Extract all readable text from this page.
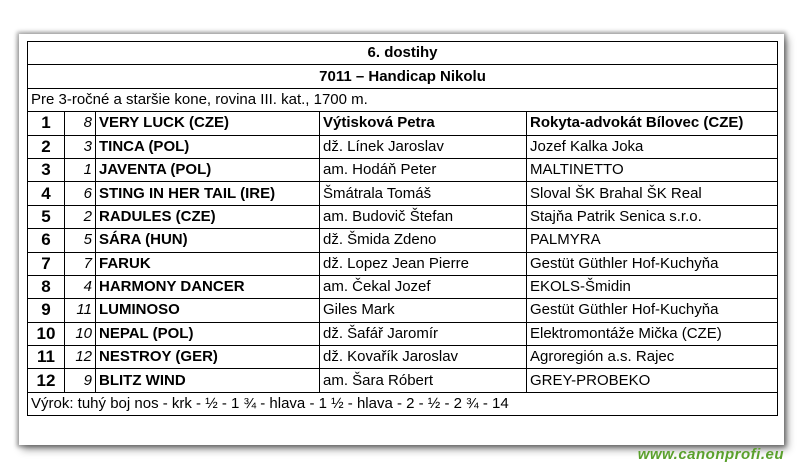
6. dostihy				
7011 – Handicap Nikolu				
Pre 3-ročné a staršie kone, rovina III. kat., 1700 m.				
1	8	VERY LUCK (CZE)	Výtisková Petra	Rokyta-advokát Bílovec (CZE)
2	3	TINCA (POL)	dž. Línek Jaroslav	Jozef Kalka Joka
3	1	JAVENTA (POL)	am. Hodáň Peter	MALTINETTO
4	6	STING IN HER TAIL (IRE)	Šmátrala Tomáš	Sloval ŠK Brahal ŠK Real
5	2	RADULES (CZE)	am. Budovič Štefan	Stajňa Patrik Senica s.r.o.
6	5	SÁRA (HUN)	dž. Šmida Zdeno	PALMYRA
7	7	FARUK	dž. Lopez Jean Pierre	Gestüt Güthler Hof-Kuchyňa
8	4	HARMONY DANCER	am. Čekal Jozef	EKOLS-Šmidin
9	11	LUMINOSO	Giles Mark	Gestüt Güthler Hof-Kuchyňa
10	10	NEPAL (POL)	dž. Šafář Jaromír	Elektromontáže Mička (CZE)
11	12	NESTROY (GER)	dž. Kovařík Jaroslav	Agroregión a.s. Rajec
12	9	BLITZ WIND	am. Šara Róbert	GREY-PROBEKO
Výrok: tuhý boj nos - krk - ½ - 1 ¾ - hlava - 1 ½ - hlava - 2 - ½ - 2 ¾ - 14				
www.canonprofi.eu
